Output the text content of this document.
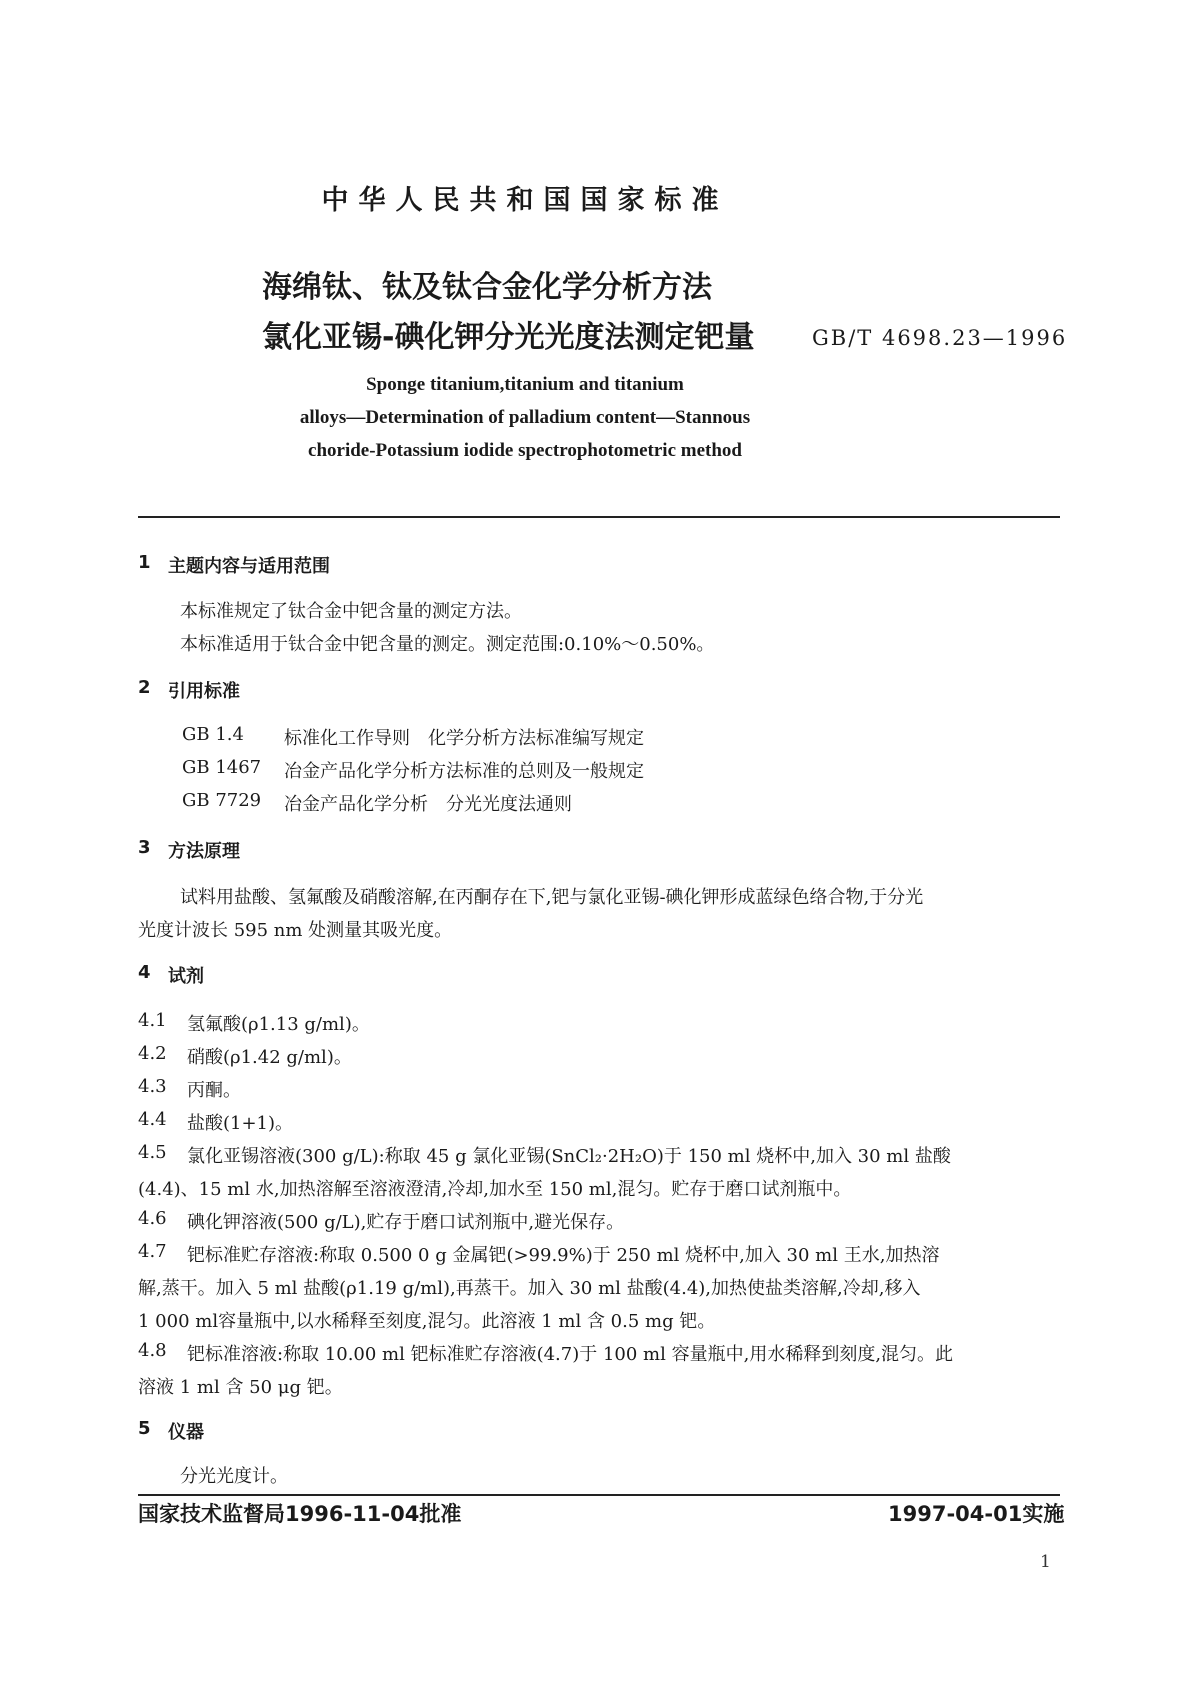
中华人民共和国国家标准
海绵钛、钛及钛合金化学分析方法
氯化亚锡-碘化钾分光光度法测定钯量	GB/T 4698.23—1996
Sponge titanium,titanium and titanium
alloys—Determination of palladium content—Stannous
choride-Potassium iodide spectrophotometric method
1 主题内容与适用范围
本标准规定了钛合金中钯含量的测定方法。
本标准适用于钛合金中钯含量的测定。测定范围:0.10%～0.50%。
2 引用标准
GB 1.4 标准化工作导则　化学分析方法标准编写规定
GB 1467 冶金产品化学分析方法标准的总则及一般规定
GB 7729 冶金产品化学分析　分光光度法通则
3 方法原理
试料用盐酸、氢氟酸及硝酸溶解,在丙酮存在下,钯与氯化亚锡-碘化钾形成蓝绿色络合物,于分光
光度计波长 595 nm 处测量其吸光度。
4 试剂
4.1 氢氟酸(ρ1.13 g/ml)。
4.2 硝酸(ρ1.42 g/ml)。
4.3 丙酮。
4.4 盐酸(1+1)。
4.5 氯化亚锡溶液(300 g/L):称取 45 g 氯化亚锡(SnCl₂·2H₂O)于 150 ml 烧杯中,加入 30 ml 盐酸
(4.4)、15 ml 水,加热溶解至溶液澄清,冷却,加水至 150 ml,混匀。贮存于磨口试剂瓶中。
4.6 碘化钾溶液(500 g/L),贮存于磨口试剂瓶中,避光保存。
4.7 钯标准贮存溶液:称取 0.500 0 g 金属钯(>99.9%)于 250 ml 烧杯中,加入 30 ml 王水,加热溶
解,蒸干。加入 5 ml 盐酸(ρ1.19 g/ml),再蒸干。加入 30 ml 盐酸(4.4),加热使盐类溶解,冷却,移入
1 000 ml容量瓶中,以水稀释至刻度,混匀。此溶液 1 ml 含 0.5 mg 钯。
4.8 钯标准溶液:称取 10.00 ml 钯标准贮存溶液(4.7)于 100 ml 容量瓶中,用水稀释到刻度,混匀。此
溶液 1 ml 含 50 μg 钯。
5 仪器
分光光度计。
国家技术监督局1996-11-04批准	1997-04-01实施
1
